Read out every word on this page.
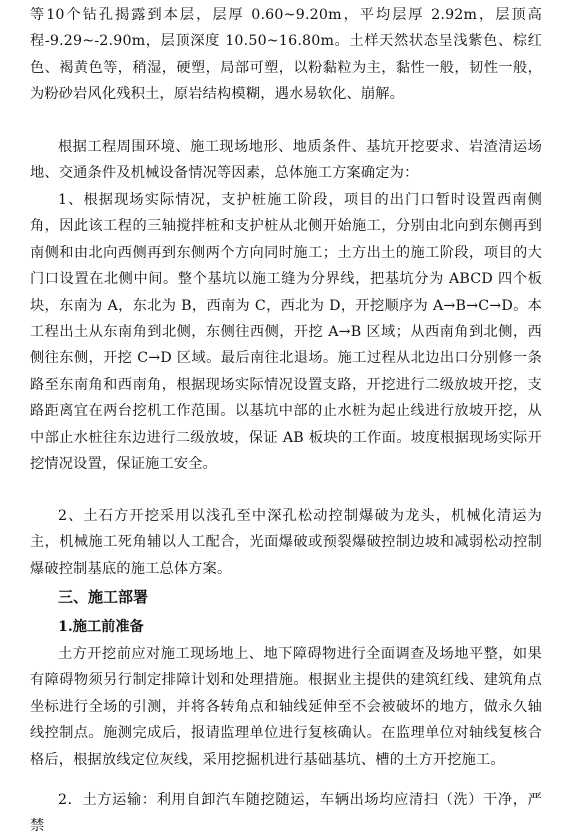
等10个钻孔揭露到本层，层厚 0.60~9.20m，平均层厚 2.92m，层顶高程-9.29~-2.90m，层顶深度 10.50~16.80m。土样天然状态呈浅紫色、棕红色、褐黄色等，稍湿，硬塑，局部可塑，以粉黏粒为主，黏性一般，韧性一般，为粉砂岩风化残积土，原岩结构模糊，遇水易软化、崩解。

根据工程周围环境、施工现场地形、地质条件、基坑开挖要求、岩渣清运场地、交通条件及机械设备情况等因素，总体施工方案确定为：

1、根据现场实际情况，支护桩施工阶段，项目的出门口暂时设置西南侧角，因此该工程的三轴搅拌桩和支护桩从北侧开始施工，分别由北向到东侧再到南侧和由北向西侧再到东侧两个方向同时施工；土方出土的施工阶段，项目的大门口设置在北侧中间。整个基坑以施工缝为分界线，把基坑分为 ABCD 四个板块，东南为 A，东北为 B，西南为 C，西北为 D，开挖顺序为 A→B→C→D。本工程出土从东南角到北侧，东侧往西侧，开挖 A→B 区域；从西南角到北侧，西侧往东侧，开挖 C→D 区域。最后南往北退场。施工过程从北边出口分别修一条路至东南角和西南角，根据现场实际情况设置支路，开挖进行二级放坡开挖，支路距离宜在两台挖机工作范围。以基坑中部的止水桩为起止线进行放坡开挖，从中部止水桩往东边进行二级放坡，保证 AB 板块的工作面。坡度根据现场实际开挖情况设置，保证施工安全。

2、土石方开挖采用以浅孔至中深孔松动控制爆破为龙头，机械化清运为主，机械施工死角辅以人工配合，光面爆破或预裂爆破控制边坡和减弱松动控制爆破控制基底的施工总体方案。

三、施工部署
1.施工前准备

土方开挖前应对施工现场地上、地下障碍物进行全面调查及场地平整，如果有障碍物须另行制定排障计划和处理措施。根据业主提供的建筑红线、建筑角点坐标进行全场的引测，并将各转角点和轴线延伸至不会被破坏的地方，做永久轴线控制点。施测完成后，报请监理单位进行复核确认。在监理单位对轴线复核合格后，根据放线定位灰线，采用挖掘机进行基础基坑、槽的土方开挖施工。

2．土方运输：利用自卸汽车随挖随运，车辆出场均应清扫（洗）干净，严禁
